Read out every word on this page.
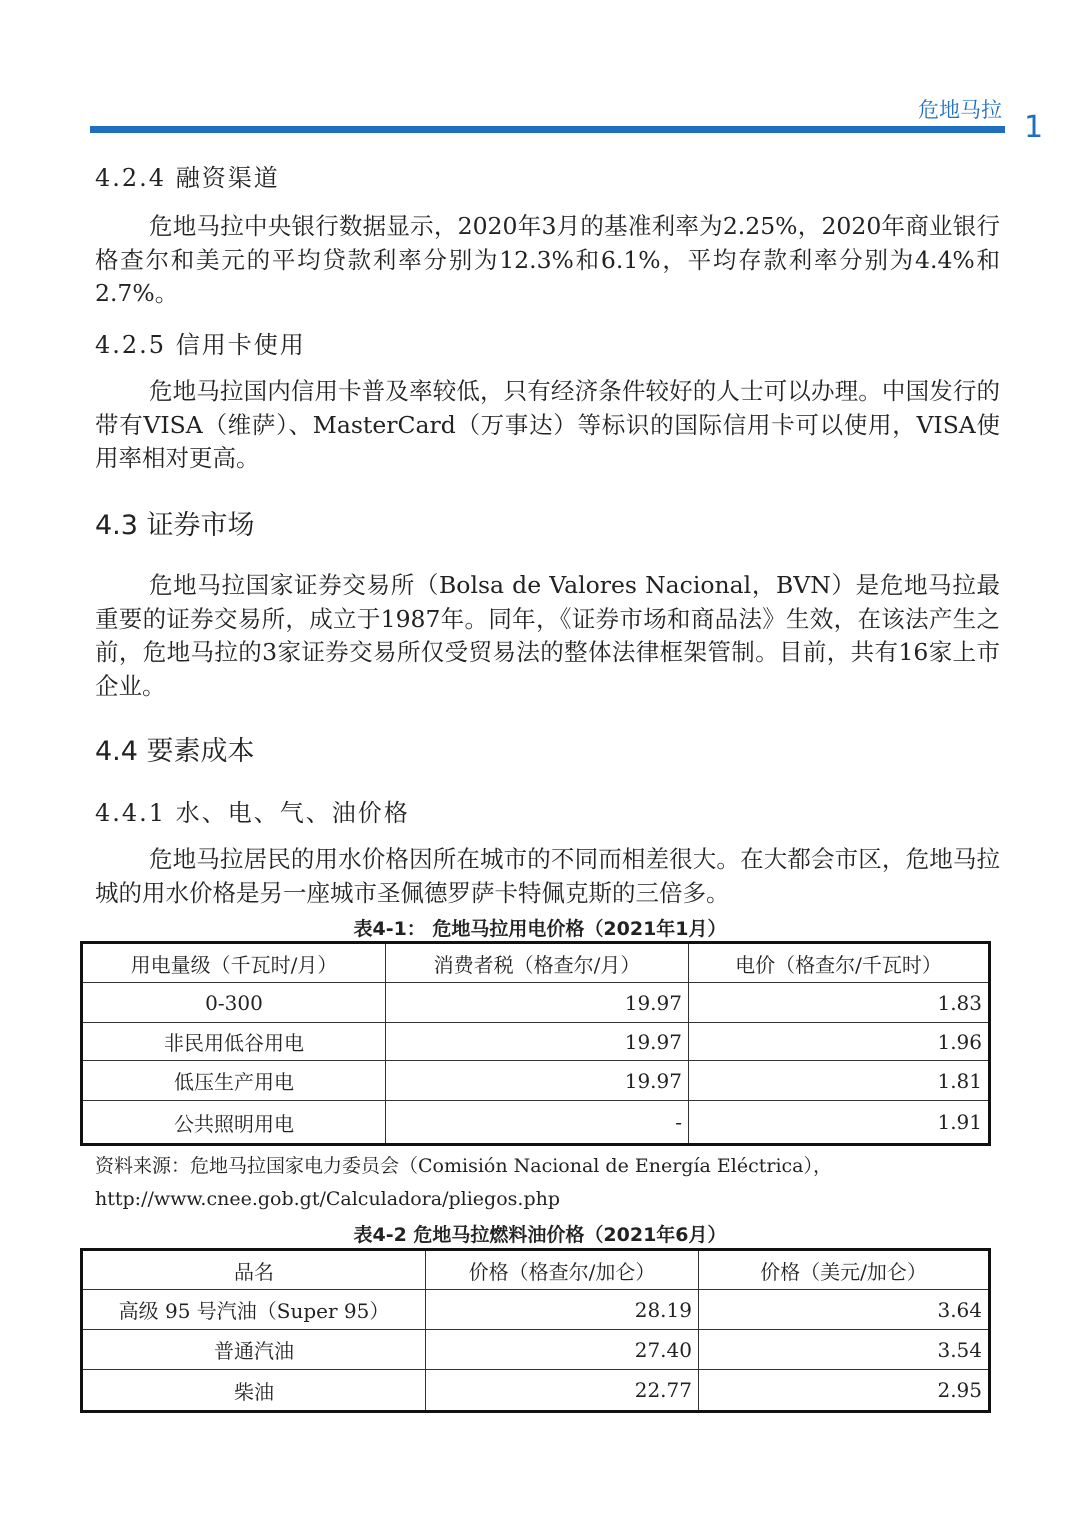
危地马拉 1
4.2.4 融资渠道

危地马拉中央银行数据显示，2020年3月的基准利率为2.25%，2020年商业银行格查尔和美元的平均贷款利率分别为12.3%和6.1%，平均存款利率分别为4.4%和2.7%。

4.2.5 信用卡使用

危地马拉国内信用卡普及率较低，只有经济条件较好的人士可以办理。中国发行的带有VISA（维萨）、MasterCard（万事达）等标识的国际信用卡可以使用，VISA使用率相对更高。

4.3 证券市场

危地马拉国家证券交易所（Bolsa de Valores Nacional，BVN）是危地马拉最重要的证券交易所，成立于1987年。同年，《证券市场和商品法》生效，在该法产生之前，危地马拉的3家证券交易所仅受贸易法的整体法律框架管制。目前，共有16家上市企业。

4.4 要素成本
4.4.1 水、电、气、油价格

危地马拉居民的用水价格因所在城市的不同而相差很大。在大都会市区，危地马拉城的用水价格是另一座城市圣佩德罗萨卡特佩克斯的三倍多。

表4-1： 危地马拉用电价格（2021年1月）
用电量级（千瓦时/月）	消费者税（格查尔/月）	电价（格查尔/千瓦时）
0-300	19.97	1.83
非民用低谷用电	19.97	1.96
低压生产用电	19.97	1.81
公共照明用电	-	1.91

资料来源：危地马拉国家电力委员会（Comisión Nacional de Energía Eléctrica），http://www.cnee.gob.gt/Calculadora/pliegos.php

表4-2 危地马拉燃料油价格（2021年6月）
品名	价格（格查尔/加仑）	价格（美元/加仑）
高级 95 号汽油（Super 95）	28.19	3.64
普通汽油	27.40	3.54
柴油	22.77	2.95
